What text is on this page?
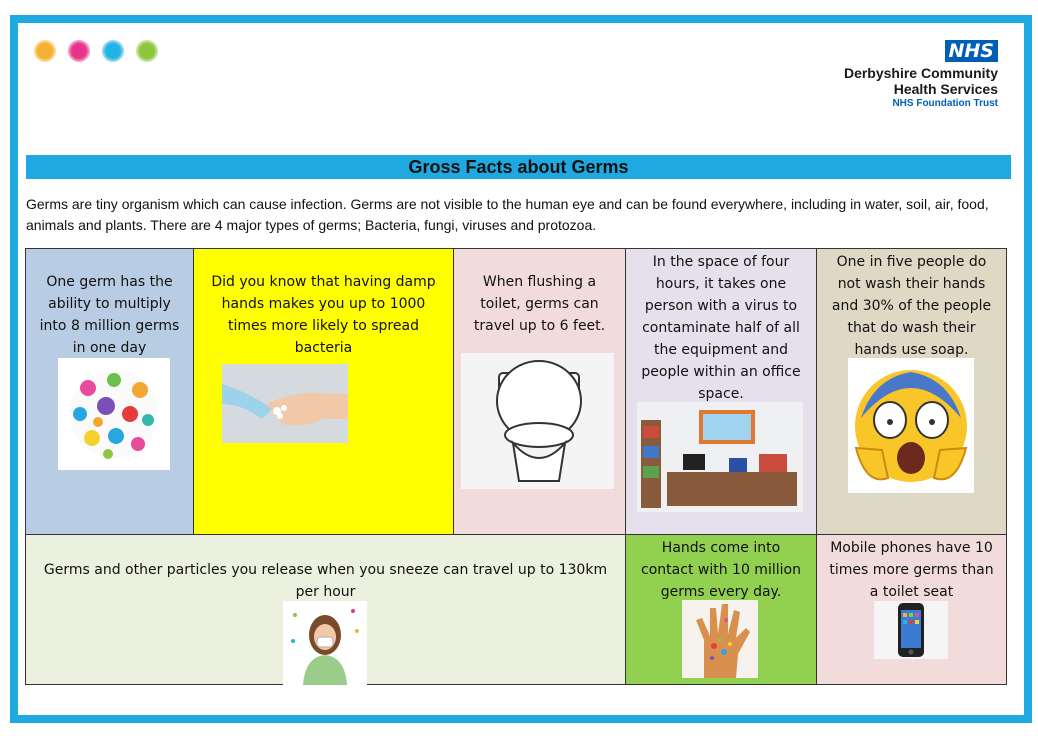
NHS
Derbyshire Community
Health Services
NHS Foundation Trust
Gross Facts about Germs
Germs are tiny organism which can cause infection. Germs are not visible to the human eye and can be found everywhere, including in water, soil, air, food, animals and plants. There are 4 major types of germs; Bacteria, fungi, viruses and protozoa.
One germ has the ability to multiply into 8 million germs in one day
Did you know that having damp hands makes you up to 1000 times more likely to spread bacteria
When flushing a toilet, germs can travel up to 6 feet.
In the space of four hours, it takes one person with a virus to contaminate half of all the equipment and people within an office space.
One in five people do not wash their hands and 30% of the people that do wash their hands use soap.
Germs and other particles you release when you sneeze can travel up to 130km per hour
Hands come into contact with 10 million germs every day.
Mobile phones have 10 times more germs than a toilet seat
